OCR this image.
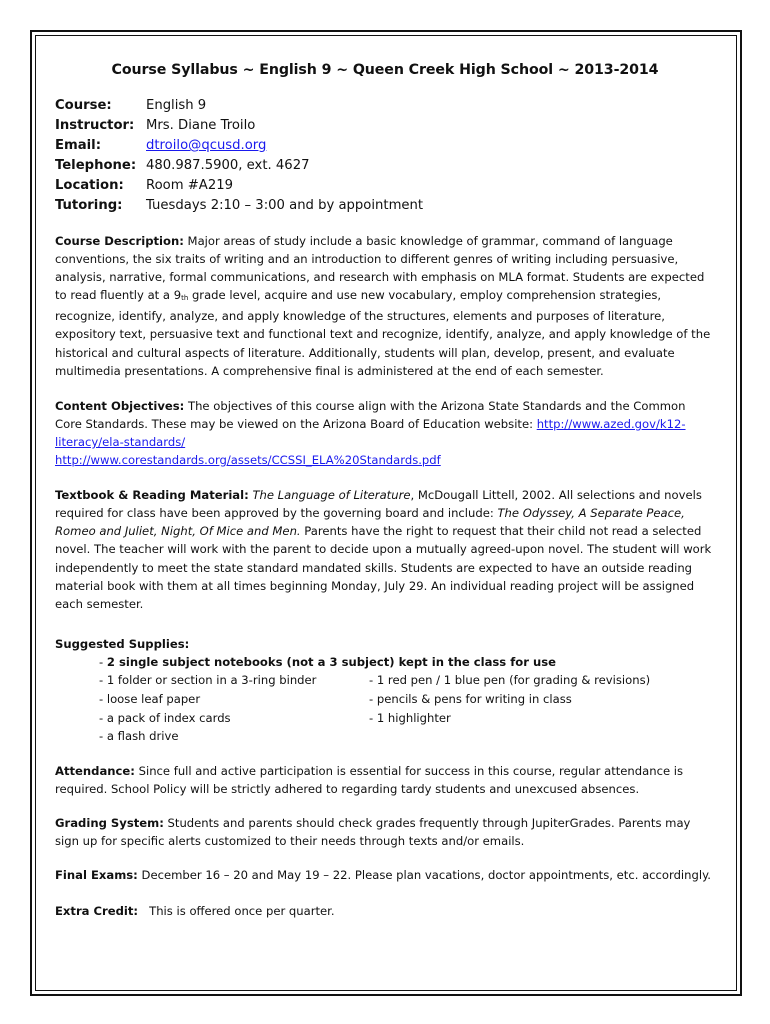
Course Syllabus ~ English 9 ~ Queen Creek High School ~ 2013-2014
Course:	English 9
Instructor: Mrs. Diane Troilo
Email:	dtroilo@qcusd.org
Telephone: 480.987.5900, ext. 4627
Location:	Room #A219
Tutoring:	Tuesdays 2:10 – 3:00 and by appointment

Course Description: Major areas of study include a basic knowledge of grammar, command of language conventions, the six traits of writing and an introduction to different genres of writing including persuasive, analysis, narrative, formal communications, and research with emphasis on MLA format. Students are expected to read fluently at a 9th grade level, acquire and use new vocabulary, employ comprehension strategies, recognize, identify, analyze, and apply knowledge of the structures, elements and purposes of literature, expository text, persuasive text and functional text and recognize, identify, analyze, and apply knowledge of the historical and cultural aspects of literature. Additionally, students will plan, develop, present, and evaluate multimedia presentations. A comprehensive final is administered at the end of each semester.

Content Objectives: The objectives of this course align with the Arizona State Standards and the Common Core Standards. These may be viewed on the Arizona Board of Education website: http://www.azed.gov/k12-literacy/ela-standards/
http://www.corestandards.org/assets/CCSSI_ELA%20Standards.pdf

Textbook & Reading Material: The Language of Literature, McDougall Littell, 2002. All selections and novels required for class have been approved by the governing board and include: The Odyssey, A Separate Peace, Romeo and Juliet, Night, Of Mice and Men. Parents have the right to request that their child not read a selected novel. The teacher will work with the parent to decide upon a mutually agreed-upon novel. The student will work independently to meet the state standard mandated skills. Students are expected to have an outside reading material book with them at all times beginning Monday, July 29. An individual reading project will be assigned each semester.

Suggested Supplies:
- 2 single subject notebooks (not a 3 subject) kept in the class for use
- 1 folder or section in a 3-ring binder	- 1 red pen / 1 blue pen (for grading & revisions)
- loose leaf paper	- pencils & pens for writing in class
- a pack of index cards	- 1 highlighter
- a flash drive

Attendance: Since full and active participation is essential for success in this course, regular attendance is required. School Policy will be strictly adhered to regarding tardy students and unexcused absences.

Grading System: Students and parents should check grades frequently through JupiterGrades. Parents may sign up for specific alerts customized to their needs through texts and/or emails.

Final Exams: December 16 – 20 and May 19 – 22. Please plan vacations, doctor appointments, etc. accordingly.

Extra Credit:   This is offered once per quarter.
